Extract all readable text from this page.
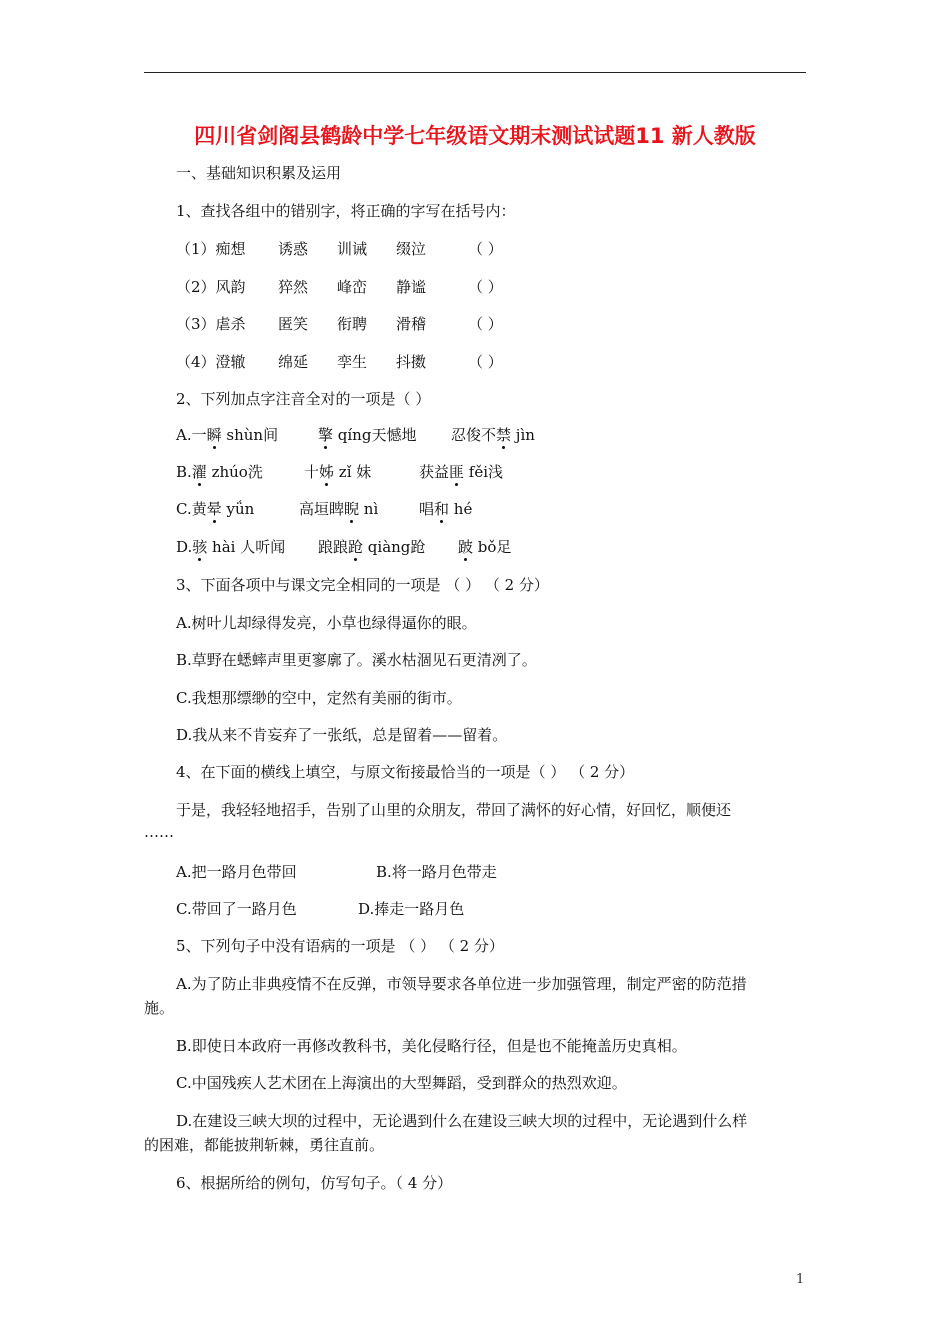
四川省剑阁县鹤龄中学七年级语文期末测试试题11 新人教版
一、基础知识积累及运用
1、查找各组中的错别字，将正确的字写在括号内：
（1）痴想 诱惑 训诫 缀泣	（ ）
（2）风韵 猝然 峰峦 静谧	（ ）
（3）虐杀 匿笑 衔聘 滑稽	（ ）
（4）澄辙 绵延 孪生 抖擞	（ ）
2、下列加点字注音全对的一项是（ ）
A.一瞬 shùn间	擎 qíng天憾地 忍俊不禁 jìn
B.濯 zhúo洗	十姊 zǐ 妹	获益匪 fěi浅
C.黄晕 yǘn	高垣睥睨 nì	唱和 hé
D.骇 hài 人听闻 踉踉跄 qiàng跄 跛 bǒ足
3、下面各项中与课文完全相同的一项是 （ ） （ 2 分）
A.树叶儿却绿得发亮，小草也绿得逼你的眼。
B.草野在蟋蟀声里更寥廓了。溪水枯涸见石更清冽了。
C.我想那缥缈的空中，定然有美丽的街市。
D.我从来不肯妄弃了一张纸，总是留着——留着。
4、在下面的横线上填空，与原文衔接最恰当的一项是（ ） （ 2 分）
于是，我轻轻地招手，告别了山里的众朋友，带回了满怀的好心情，好回忆，顺便还
……
A.把一路月色带回	B.将一路月色带走
C.带回了一路月色	D.捧走一路月色
5、下列句子中没有语病的一项是 （ ） （ 2 分）
A.为了防止非典疫情不在反弹，市领导要求各单位进一步加强管理，制定严密的防范措
施。
B.即使日本政府一再修改教科书，美化侵略行径，但是也不能掩盖历史真相。
C.中国残疾人艺术团在上海演出的大型舞蹈，受到群众的热烈欢迎。
D.在建设三峡大坝的过程中，无论遇到什么在建设三峡大坝的过程中，无论遇到什么样
的困难，都能披荆斩棘，勇往直前。
6、根据所给的例句，仿写句子。（ 4 分）
1
